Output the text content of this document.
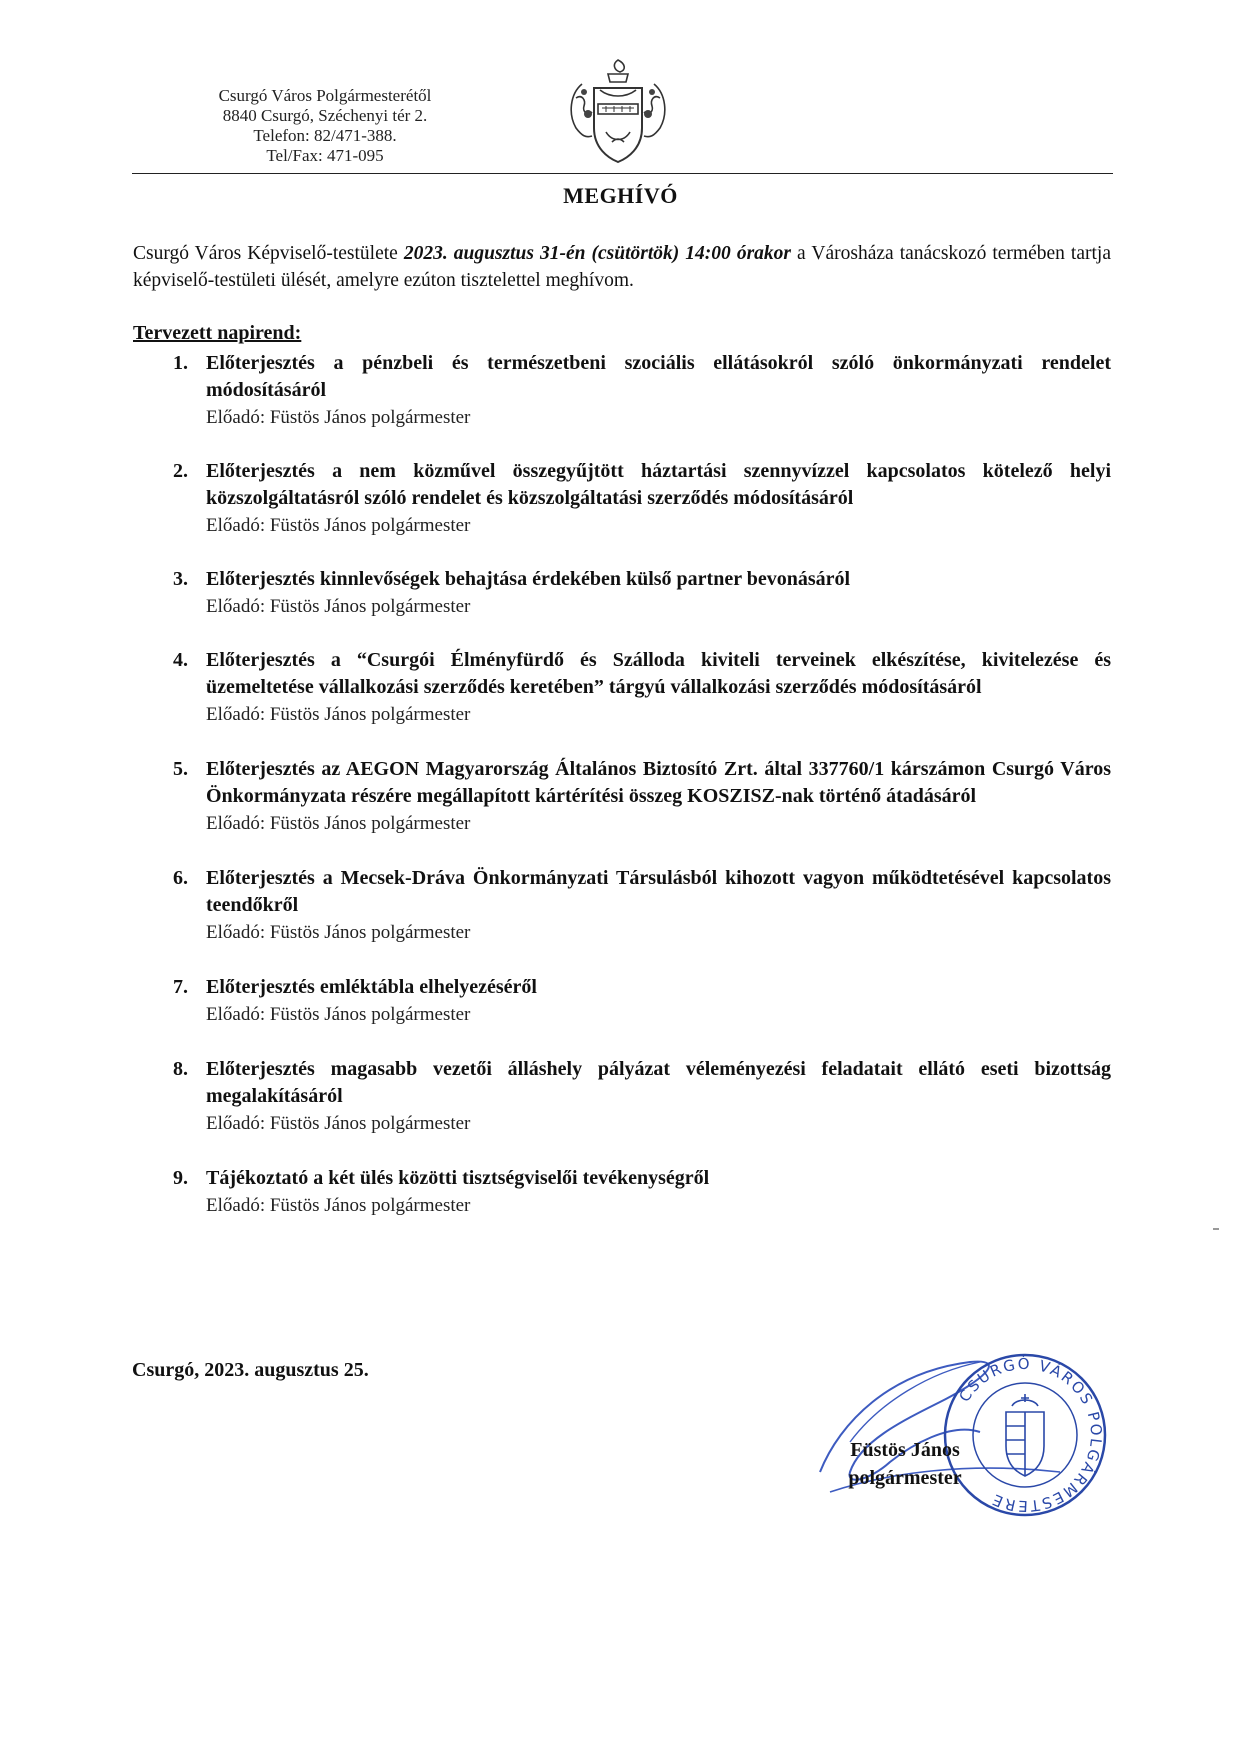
Csurgó Város Polgármesterétől
8840 Csurgó, Széchenyi tér 2.
Telefon: 82/471-388.
Tel/Fax: 471-095
MEGHÍVÓ
Csurgó Város Képviselő-testülete 2023. augusztus 31-én (csütörtök) 14:00 órakor a Városháza tanácskozó termében tartja képviselő-testületi ülését, amelyre ezúton tisztelettel meghívom.
Tervezett napirend:
1. Előterjesztés a pénzbeli és természetbeni szociális ellátásokról szóló önkormányzati rendelet módosításáról
Előadó: Füstös János polgármester
2. Előterjesztés a nem közművel összegyűjtött háztartási szennyvízzel kapcsolatos kötelező helyi közszolgáltatásról szóló rendelet és közszolgáltatási szerződés módosításáról
Előadó: Füstös János polgármester
3. Előterjesztés kinnlevőségek behajtása érdekében külső partner bevonásáról
Előadó: Füstös János polgármester
4. Előterjesztés a “Csurgói Élményfürdő és Szálloda kiviteli terveinek elkészítése, kivitelezése és üzemeltetése vállalkozási szerződés keretében” tárgyú vállalkozási szerződés módosításáról
Előadó: Füstös János polgármester
5. Előterjesztés az AEGON Magyarország Általános Biztosító Zrt. által 337760/1 kárszámon Csurgó Város Önkormányzata részére megállapított kártérítési összeg KOSZISZ-nak történő átadásáról
Előadó: Füstös János polgármester
6. Előterjesztés a Mecsek-Dráva Önkormányzati Társulásból kihozott vagyon működtetésével kapcsolatos teendőkről
Előadó: Füstös János polgármester
7. Előterjesztés emléktábla elhelyezéséről
Előadó: Füstös János polgármester
8. Előterjesztés magasabb vezetői álláshely pályázat véleményezési feladatait ellátó eseti bizottság megalakításáról
Előadó: Füstös János polgármester
9. Tájékoztató a két ülés közötti tisztségviselői tevékenységről
Előadó: Füstös János polgármester
Csurgó, 2023. augusztus 25.
CSURGÓ VÁROS POLGÁRMESTERE
Füstös János
polgármester
